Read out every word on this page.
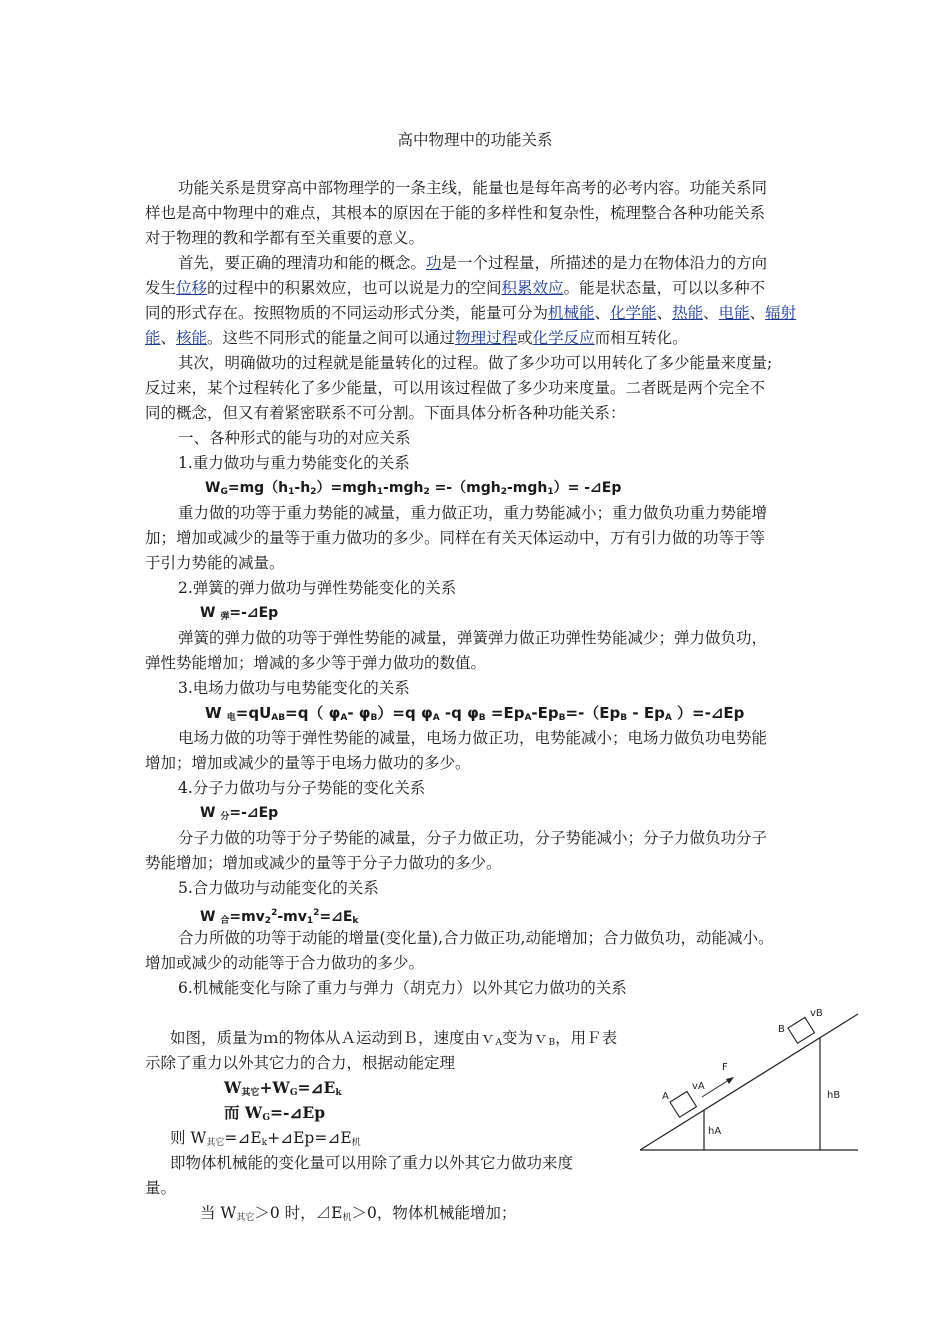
高中物理中的功能关系
功能关系是贯穿高中部物理学的一条主线，能量也是每年高考的必考内容。功能关系同
样也是高中物理中的难点，其根本的原因在于能的多样性和复杂性，梳理整合各种功能关系
对于物理的教和学都有至关重要的意义。
首先，要正确的理清功和能的概念。功是一个过程量，所描述的是力在物体沿力的方向
发生位移的过程中的积累效应，也可以说是力的空间积累效应。能是状态量，可以以多种不
同的形式存在。按照物质的不同运动形式分类，能量可分为机械能、化学能、热能、电能、辐射
能、核能。这些不同形式的能量之间可以通过物理过程或化学反应而相互转化。
其次，明确做功的过程就是能量转化的过程。做了多少功可以用转化了多少能量来度量;
反过来，某个过程转化了多少能量，可以用该过程做了多少功来度量。二者既是两个完全不
同的概念，但又有着紧密联系不可分割。下面具体分析各种功能关系：
一、各种形式的能与功的对应关系
1.重力做功与重力势能变化的关系
$W_G=mg(h_1-h_2)=mgh_1-mgh_2 =-(mgh_2-mgh_1)=$ -⊿Ep
重力做的功等于重力势能的减量，重力做正功，重力势能减小；重力做负功重力势能增
加；增加或减少的量等于重力做功的多少。同样在有关天体运动中，万有引力做的功等于等
于引力势能的减量。
2.弹簧的弹力做功与弹性势能变化的关系
W $_弹$=-⊿Ep
弹簧的弹力做的功等于弹性势能的减量，弹簧弹力做正功弹性势能减少；弹力做负功，
弹性势能增加；增减的多少等于弹力做功的数值。
3.电场力做功与电势能变化的关系
W $_电=qU_{AB}=q$（ $\varphi_A-$ $\varphi_B)=q$ $\varphi_A$ -q $\varphi_B =Ep_A-Ep_B=-(Ep_B - Ep_A$ ）=-⊿Ep
电场力做的功等于弹性势能的减量，电场力做正功，电势能减小；电场力做负功电势能
增加；增加或减少的量等于电场力做功的多少。
4.分子力做功与分子势能的变化关系
W $_分$=-⊿Ep
分子力做的功等于分子势能的减量，分子力做正功，分子势能减小；分子力做负功分子
势能增加；增加或减少的量等于分子力做功的多少。
5.合力做功与动能变化的关系
W $_合=mv_2^2-mv_1^2=⊿E_k$
合力所做的功等于动能的增量(变化量),合力做正功,动能增加；合力做负功，动能减小。
增加或减少的动能等于合力做功的多少。
6.机械能变化与除了重力与弹力（胡克力）以外其它力做功的关系
如图，质量为ｍ的物体从Ａ运动到Ｂ，速度由ｖ$_A$变为ｖ$_B$，用Ｆ表
示除了重力以外其它力的合力，根据动能定理
$W_{其它}+W_G=⊿E_k$
而 $W_G=-⊿Ep$
则 $W_{其它}=⊿E_k+⊿Ep=⊿E_机$
即物体机械能的变化量可以用除了重力以外其它力做功来度
量。
当 $W_{其它}>0$ 时，$⊿E_机>0$，物体机械能增加；
A
vA
F
hA
B
vB
hB
